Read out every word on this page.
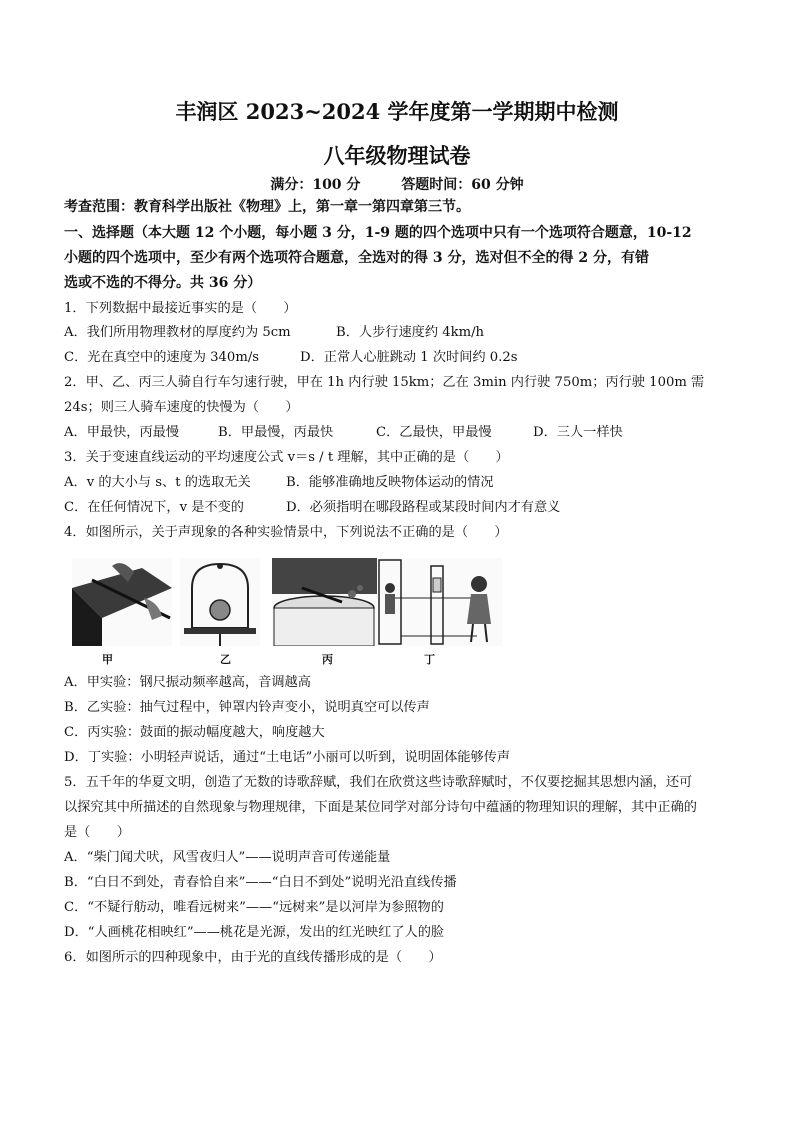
丰润区 2023~2024 学年度第一学期期中检测
八年级物理试卷
满分：100 分	答题时间：60 分钟
考查范围：教育科学出版社《物理》上，第一章一第四章第三节。
一、选择题（本大题 12 个小题，每小题 3 分，1-9 题的四个选项中只有一个选项符合题意，10-12
小题的四个选项中，至少有两个选项符合题意，全选对的得 3 分，选对但不全的得 2 分，有错
选或不选的不得分。共 36 分）
1．下列数据中最接近事实的是（　　）
A．我们所用物理教材的厚度约为 5cm	B．人步行速度约 4km/h
C．光在真空中的速度为 340m/s	D．正常人心脏跳动 1 次时间约 0.2s
2．甲、乙、丙三人骑自行车匀速行驶，甲在 1h 内行驶 15km；乙在 3min 内行驶 750m；丙行驶 100m 需
24s；则三人骑车速度的快慢为（　　）
A．甲最快，丙最慢	B．甲最慢，丙最快	C．乙最快，甲最慢	D．三人一样快
3．关于变速直线运动的平均速度公式 v＝s / t 理解，其中正确的是（　　）
A．v 的大小与 s、t 的选取无关	B．能够准确地反映物体运动的情况
C．在任何情况下，v 是不变的	D．必须指明在哪段路程或某段时间内才有意义
4．如图所示，关于声现象的各种实验情景中，下列说法不正确的是（　　）
甲	乙	丙	丁
A．甲实验：钢尺振动频率越高，音调越高
B．乙实验：抽气过程中，钟罩内铃声变小，说明真空可以传声
C．丙实验：鼓面的振动幅度越大，响度越大
D．丁实验：小明轻声说话，通过“土电话”小丽可以听到，说明固体能够传声
5．五千年的华夏文明，创造了无数的诗歌辞赋，我们在欣赏这些诗歌辞赋时，不仅要挖掘其思想内涵，还可
以探究其中所描述的自然现象与物理规律，下面是某位同学对部分诗句中蕴涵的物理知识的理解，其中正确的
是（　　）
A．“柴门闻犬吠，风雪夜归人”——说明声音可传递能量
B．“白日不到处，青春恰自来”——“白日不到处”说明光沿直线传播
C．“不疑行舫动，唯看远树来”——“远树来”是以河岸为参照物的
D．“人画桃花相映红”——桃花是光源，发出的红光映红了人的脸
6．如图所示的四种现象中，由于光的直线传播形成的是（　　）
